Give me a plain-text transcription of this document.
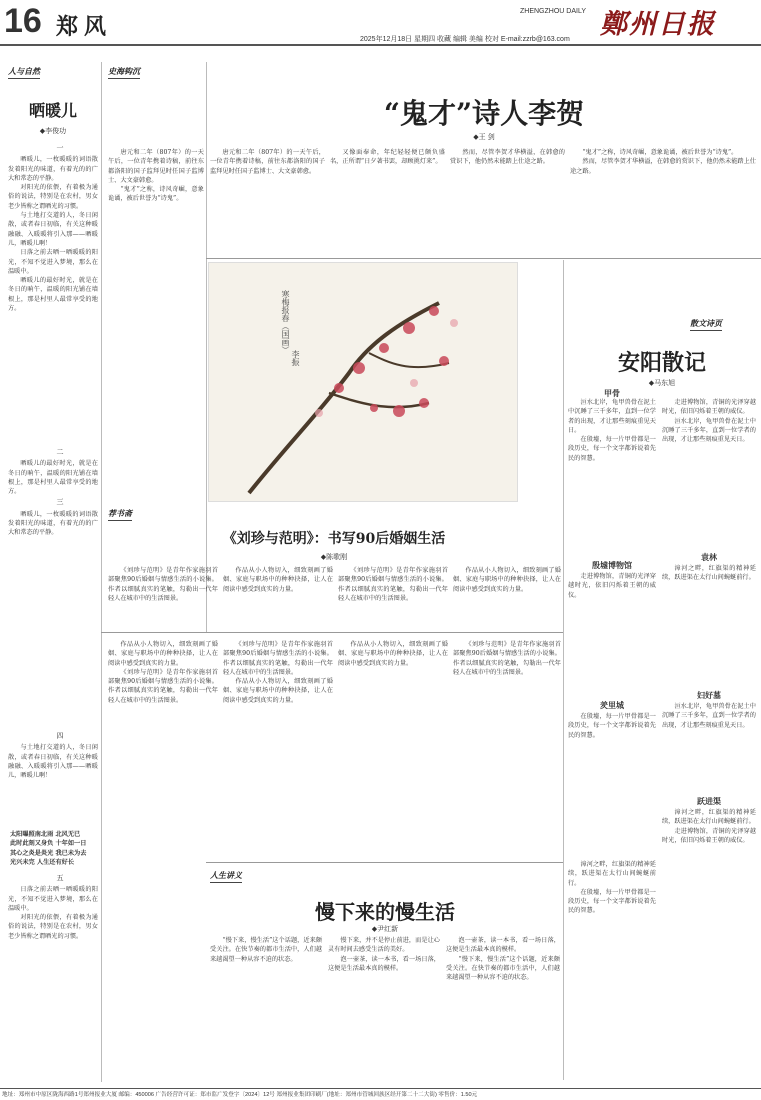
16 郑风
ZHENGZHOU DAILY 鄭州日报
2025年12月18日 星期四 收藏 编辑 美编 校对 E-mail:zzrb@163.com
人与自然
晒暖儿
◆李俊功

一

晒暖儿，一枚暖暖的词语散发着阳光的味道，有着光的的广大和常态的平静。

对阳光的依偎，有着极为通俗的说法，特别是在农村，男女老少皆称之谓晒光的习惯。

与土地打交道的人，冬日闲散，或者春日初临，有关这种暖融融、入暖暖将引入那——晒暖儿，晒暖儿啊！

日落之前去晒一晒暖暖的阳光，不知不觉进入梦境，那么在温暖中。

晒暖儿的最好时光，就是在冬日的晌午，温暖的阳光铺在墙根上，那是村里人最常享受的地方。

二

晒暖儿的最好时光，就是在冬日的晌午，温暖的阳光铺在墙根上，那是村里人最常享受的地方。

三

晒暖儿，一枚暖暖的词语散发着阳光的味道，有着光的的广大和常态的平静。

四

与土地打交道的人，冬日闲散，或者春日初临，有关这种暖融融、入暖暖将引入那——晒暖儿，晒暖儿啊！

太阳曝照南北雨 北风无已
此时此刻又身负 十年如一日
其心之炎是炎光 我已未为去
光兴未完 人生还有好长

五

日落之前去晒一晒暖暖的阳光，不知不觉进入梦境，那么在温暖中。

对阳光的依偎，有着极为通俗的说法，特别是在农村，男女老少皆称之谓晒光的习惯。

史海钩沉
“鬼才”诗人李贺
◆王 剑

唐元和二年（807年）的一天午后，一位青年携着诗稿，前往东都洛阳的国子监拜见时任国子监博士、大文豪韩愈。

“鬼才”之称，诗风奇崛，意象诡谲，被后世誉为“诗鬼”。

唐元和二年（807年）的一天午后，一位青年携着诗稿，前往东都洛阳的国子监拜见时任国子监博士、大文豪韩愈。

又像面奉命，年纪轻轻便已颇负盛名，正所谓“日夕著书罢，却顾挑灯来”。

然而，尽管李贺才华横溢，在韩愈的赏识下，他仍然未能踏上仕途之路。

“鬼才”之称，诗风奇崛，意象诡谲，被后世誉为“诗鬼”。

然而，尽管李贺才华横溢，在韩愈的赏识下，他仍然未能踏上仕途之路。

寒梅报春（国画）
李振
荐书斋
《刘珍与范明》：书写90后婚姻生活
◆陈歌刚

《刘珍与范明》是青年作家施羽首部聚焦90后婚姻与情感生活的小说集。作者以细腻真实的笔触，勾勒出一代年轻人在城市中的生活图景。

作品从小人物切入，细致刻画了婚姻、家庭与职场中的种种抉择，让人在阅读中感受到真实的力量。

《刘珍与范明》是青年作家施羽首部聚焦90后婚姻与情感生活的小说集。作者以细腻真实的笔触，勾勒出一代年轻人在城市中的生活图景。

作品从小人物切入，细致刻画了婚姻、家庭与职场中的种种抉择，让人在阅读中感受到真实的力量。

作品从小人物切入，细致刻画了婚姻、家庭与职场中的种种抉择，让人在阅读中感受到真实的力量。

《刘珍与范明》是青年作家施羽首部聚焦90后婚姻与情感生活的小说集。作者以细腻真实的笔触，勾勒出一代年轻人在城市中的生活图景。

《刘珍与范明》是青年作家施羽首部聚焦90后婚姻与情感生活的小说集。作者以细腻真实的笔触，勾勒出一代年轻人在城市中的生活图景。

作品从小人物切入，细致刻画了婚姻、家庭与职场中的种种抉择，让人在阅读中感受到真实的力量。

作品从小人物切入，细致刻画了婚姻、家庭与职场中的种种抉择，让人在阅读中感受到真实的力量。

《刘珍与范明》是青年作家施羽首部聚焦90后婚姻与情感生活的小说集。作者以细腻真实的笔触，勾勒出一代年轻人在城市中的生活图景。

散文诗页
安阳散记
◆马东旭
甲骨

洹水北岸，龟甲兽骨在泥土中沉睡了三千多年，直到一位学者的出现，才让那些刻痕重见天日。

在殷墟，每一片甲骨都是一段历史，每一个文字都诉说着先民的智慧。

殷墟博物馆

走进博物馆，青铜的光泽穿越时光，依旧闪烁着王朝的威仪。

羑里城

在殷墟，每一片甲骨都是一段历史，每一个文字都诉说着先民的智慧。

走进博物馆，青铜的光泽穿越时光，依旧闪烁着王朝的威仪。

洹水北岸，龟甲兽骨在泥土中沉睡了三千多年，直到一位学者的出现，才让那些刻痕重见天日。

袁林

漳河之畔，红旗渠的精神延续，跃进渠在太行山间蜿蜒前行。

妇好墓

洹水北岸，龟甲兽骨在泥土中沉睡了三千多年，直到一位学者的出现，才让那些刻痕重见天日。

跃进渠

漳河之畔，红旗渠的精神延续，跃进渠在太行山间蜿蜒前行。

走进博物馆，青铜的光泽穿越时光，依旧闪烁着王朝的威仪。

漳河之畔，红旗渠的精神延续，跃进渠在太行山间蜿蜒前行。

在殷墟，每一片甲骨都是一段历史，每一个文字都诉说着先民的智慧。

人生讲义
慢下来的慢生活
◆尹红新

“慢下来，慢生活”这个话题，近来颇受关注。在快节奏的都市生活中，人们越来越渴望一种从容不迫的状态。

慢下来，并不是停止前进，而是让心灵有时间去感受生活的美好。

泡一壶茶，读一本书，看一场日落，这便是生活最本真的模样。

泡一壶茶，读一本书，看一场日落，这便是生活最本真的模样。

“慢下来，慢生活”这个话题，近来颇受关注。在快节奏的都市生活中，人们越来越渴望一种从容不迫的状态。

地址：郑州市中原区陇海西路1号郑州报业大厦 邮编：450006 广告经营许可证：郑市监广发登字〔2024〕12号 郑州报业集团印刷厂(地址：郑州市管城回族区经开第二十二大街) 零售价：1.50元
